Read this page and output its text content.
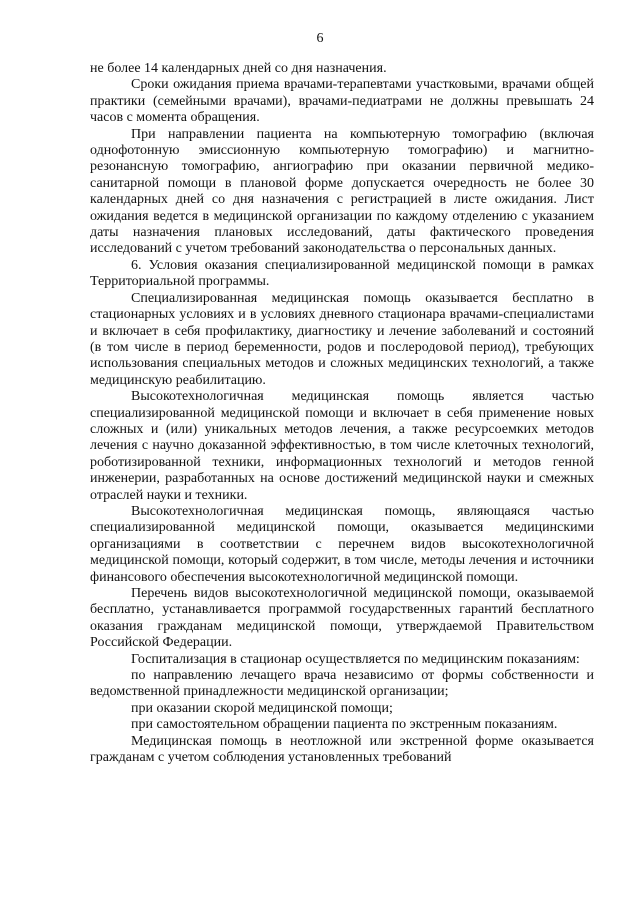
6

не более 14 календарных дней со дня назначения.

Сроки ожидания приема врачами-терапевтами участковыми, врачами общей практики (семейными врачами), врачами-педиатрами не должны превышать 24 часов с момента обращения.

При направлении пациента на компьютерную томографию (включая однофотонную эмиссионную компьютерную томографию) и магнитно-резонансную томографию, ангиографию при оказании первичной медико-санитарной помощи в плановой форме допускается очередность не более 30 календарных дней со дня назначения с регистрацией в листе ожидания. Лист ожидания ведется в медицинской организации по каждому отделению с указанием даты назначения плановых исследований, даты фактического проведения исследований с учетом требований законодательства о персональных данных.

6. Условия оказания специализированной медицинской помощи в рамках Территориальной программы.

Специализированная медицинская помощь оказывается бесплатно в стационарных условиях и в условиях дневного стационара врачами-специалистами и включает в себя профилактику, диагностику и лечение заболеваний и состояний (в том числе в период беременности, родов и послеродовой период), требующих использования специальных методов и сложных медицинских технологий, а также медицинскую реабилитацию.

Высокотехнологичная медицинская помощь является частью специализированной медицинской помощи и включает в себя применение новых сложных и (или) уникальных методов лечения, а также ресурсоемких методов лечения с научно доказанной эффективностью, в том числе клеточных технологий, роботизированной техники, информационных технологий и методов генной инженерии, разработанных на основе достижений медицинской науки и смежных отраслей науки и техники.

Высокотехнологичная медицинская помощь, являющаяся частью специализированной медицинской помощи, оказывается медицинскими организациями в соответствии с перечнем видов высокотехнологичной медицинской помощи, который содержит, в том числе, методы лечения и источники финансового обеспечения высокотехнологичной медицинской помощи.

Перечень видов высокотехнологичной медицинской помощи, оказываемой бесплатно, устанавливается программой государственных гарантий бесплатного оказания гражданам медицинской помощи, утверждаемой Правительством Российской Федерации.

Госпитализация в стационар осуществляется по медицинским показаниям:

по направлению лечащего врача независимо от формы собственности и ведомственной принадлежности медицинской организации;

при оказании скорой медицинской помощи;

при самостоятельном обращении пациента по экстренным показаниям.

Медицинская помощь в неотложной или экстренной форме оказывается гражданам с учетом соблюдения установленных требований
